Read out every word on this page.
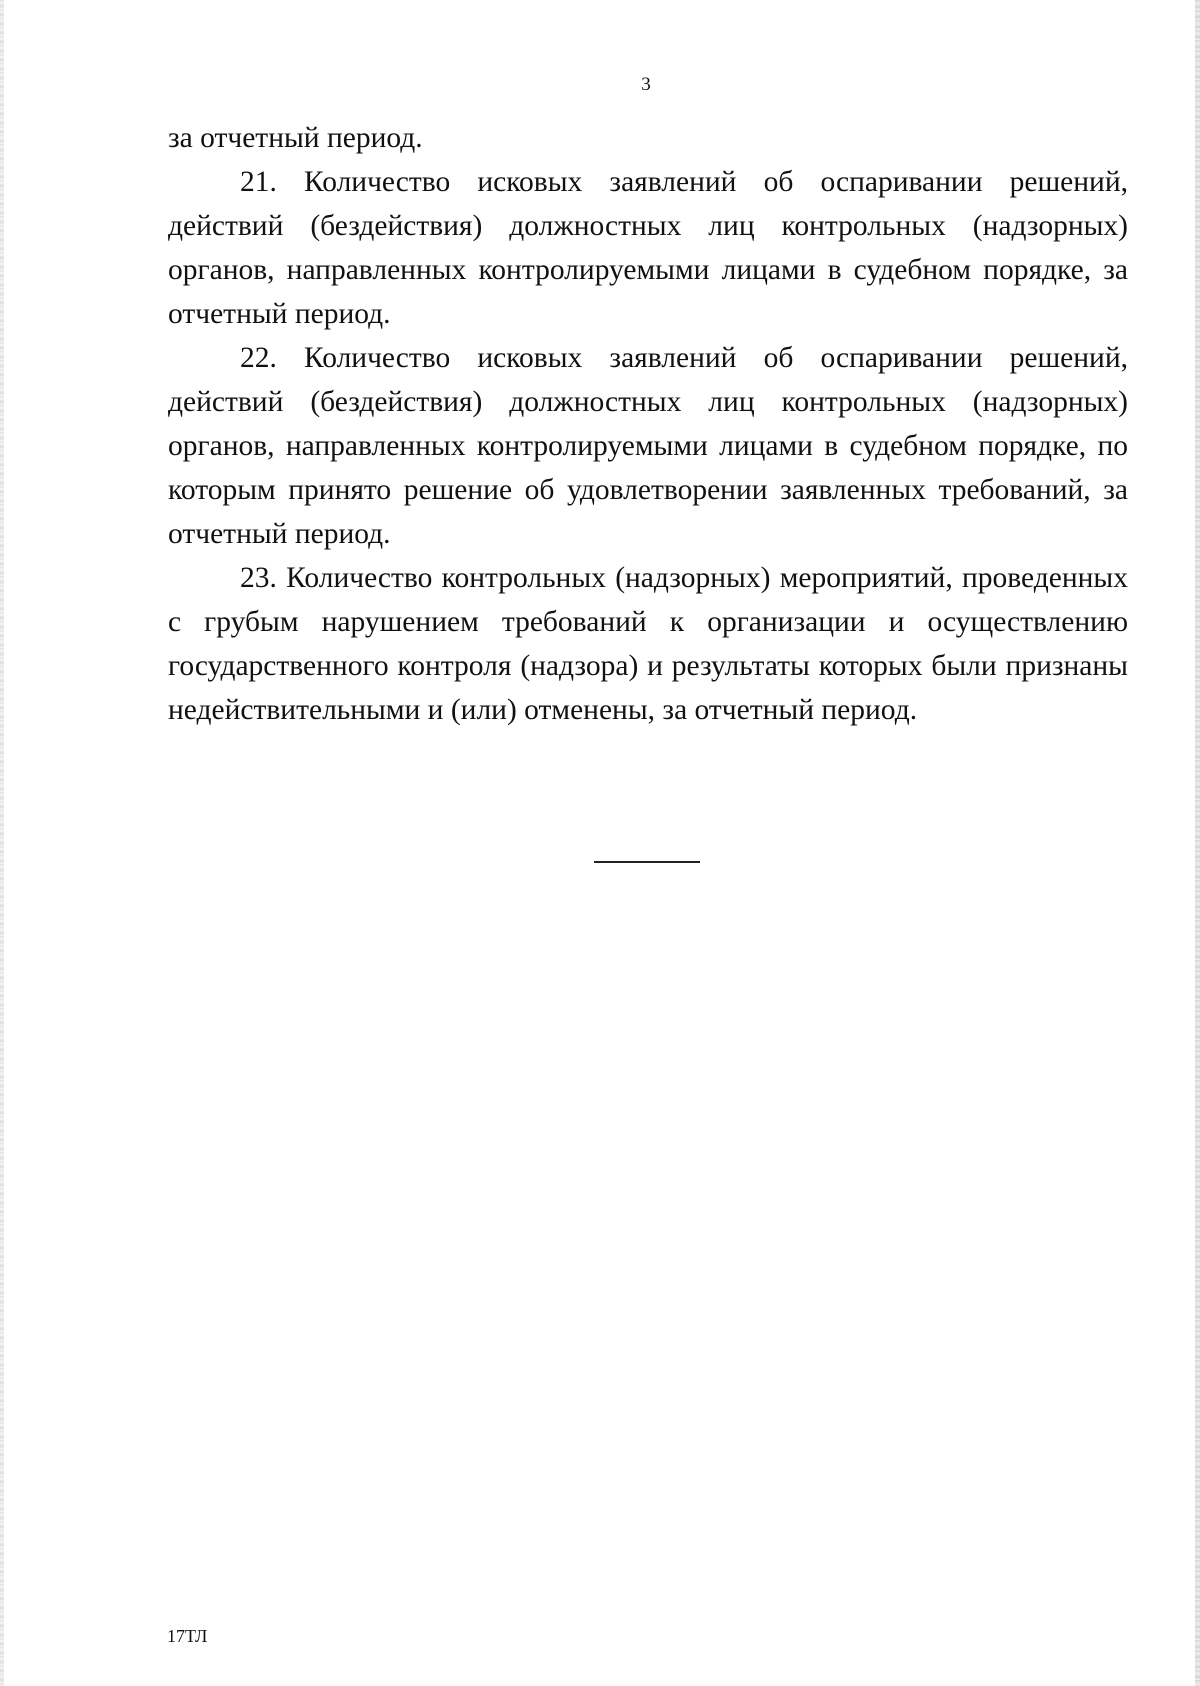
3

за отчетный период.

21. Количество исковых заявлений об оспаривании решений, действий (бездействия) должностных лиц контрольных (надзорных) органов, направленных контролируемыми лицами в судебном порядке, за отчетный период.

22. Количество исковых заявлений об оспаривании решений, действий (бездействия) должностных лиц контрольных (надзорных) органов, направленных контролируемыми лицами в судебном порядке, по которым принято решение об удовлетворении заявленных требований, за отчетный период.

23. Количество контрольных (надзорных) мероприятий, проведенных с грубым нарушением требований к организации и осуществлению государственного контроля (надзора) и результаты которых были признаны недействительными и (или) отменены, за отчетный период.

17ТЛ
